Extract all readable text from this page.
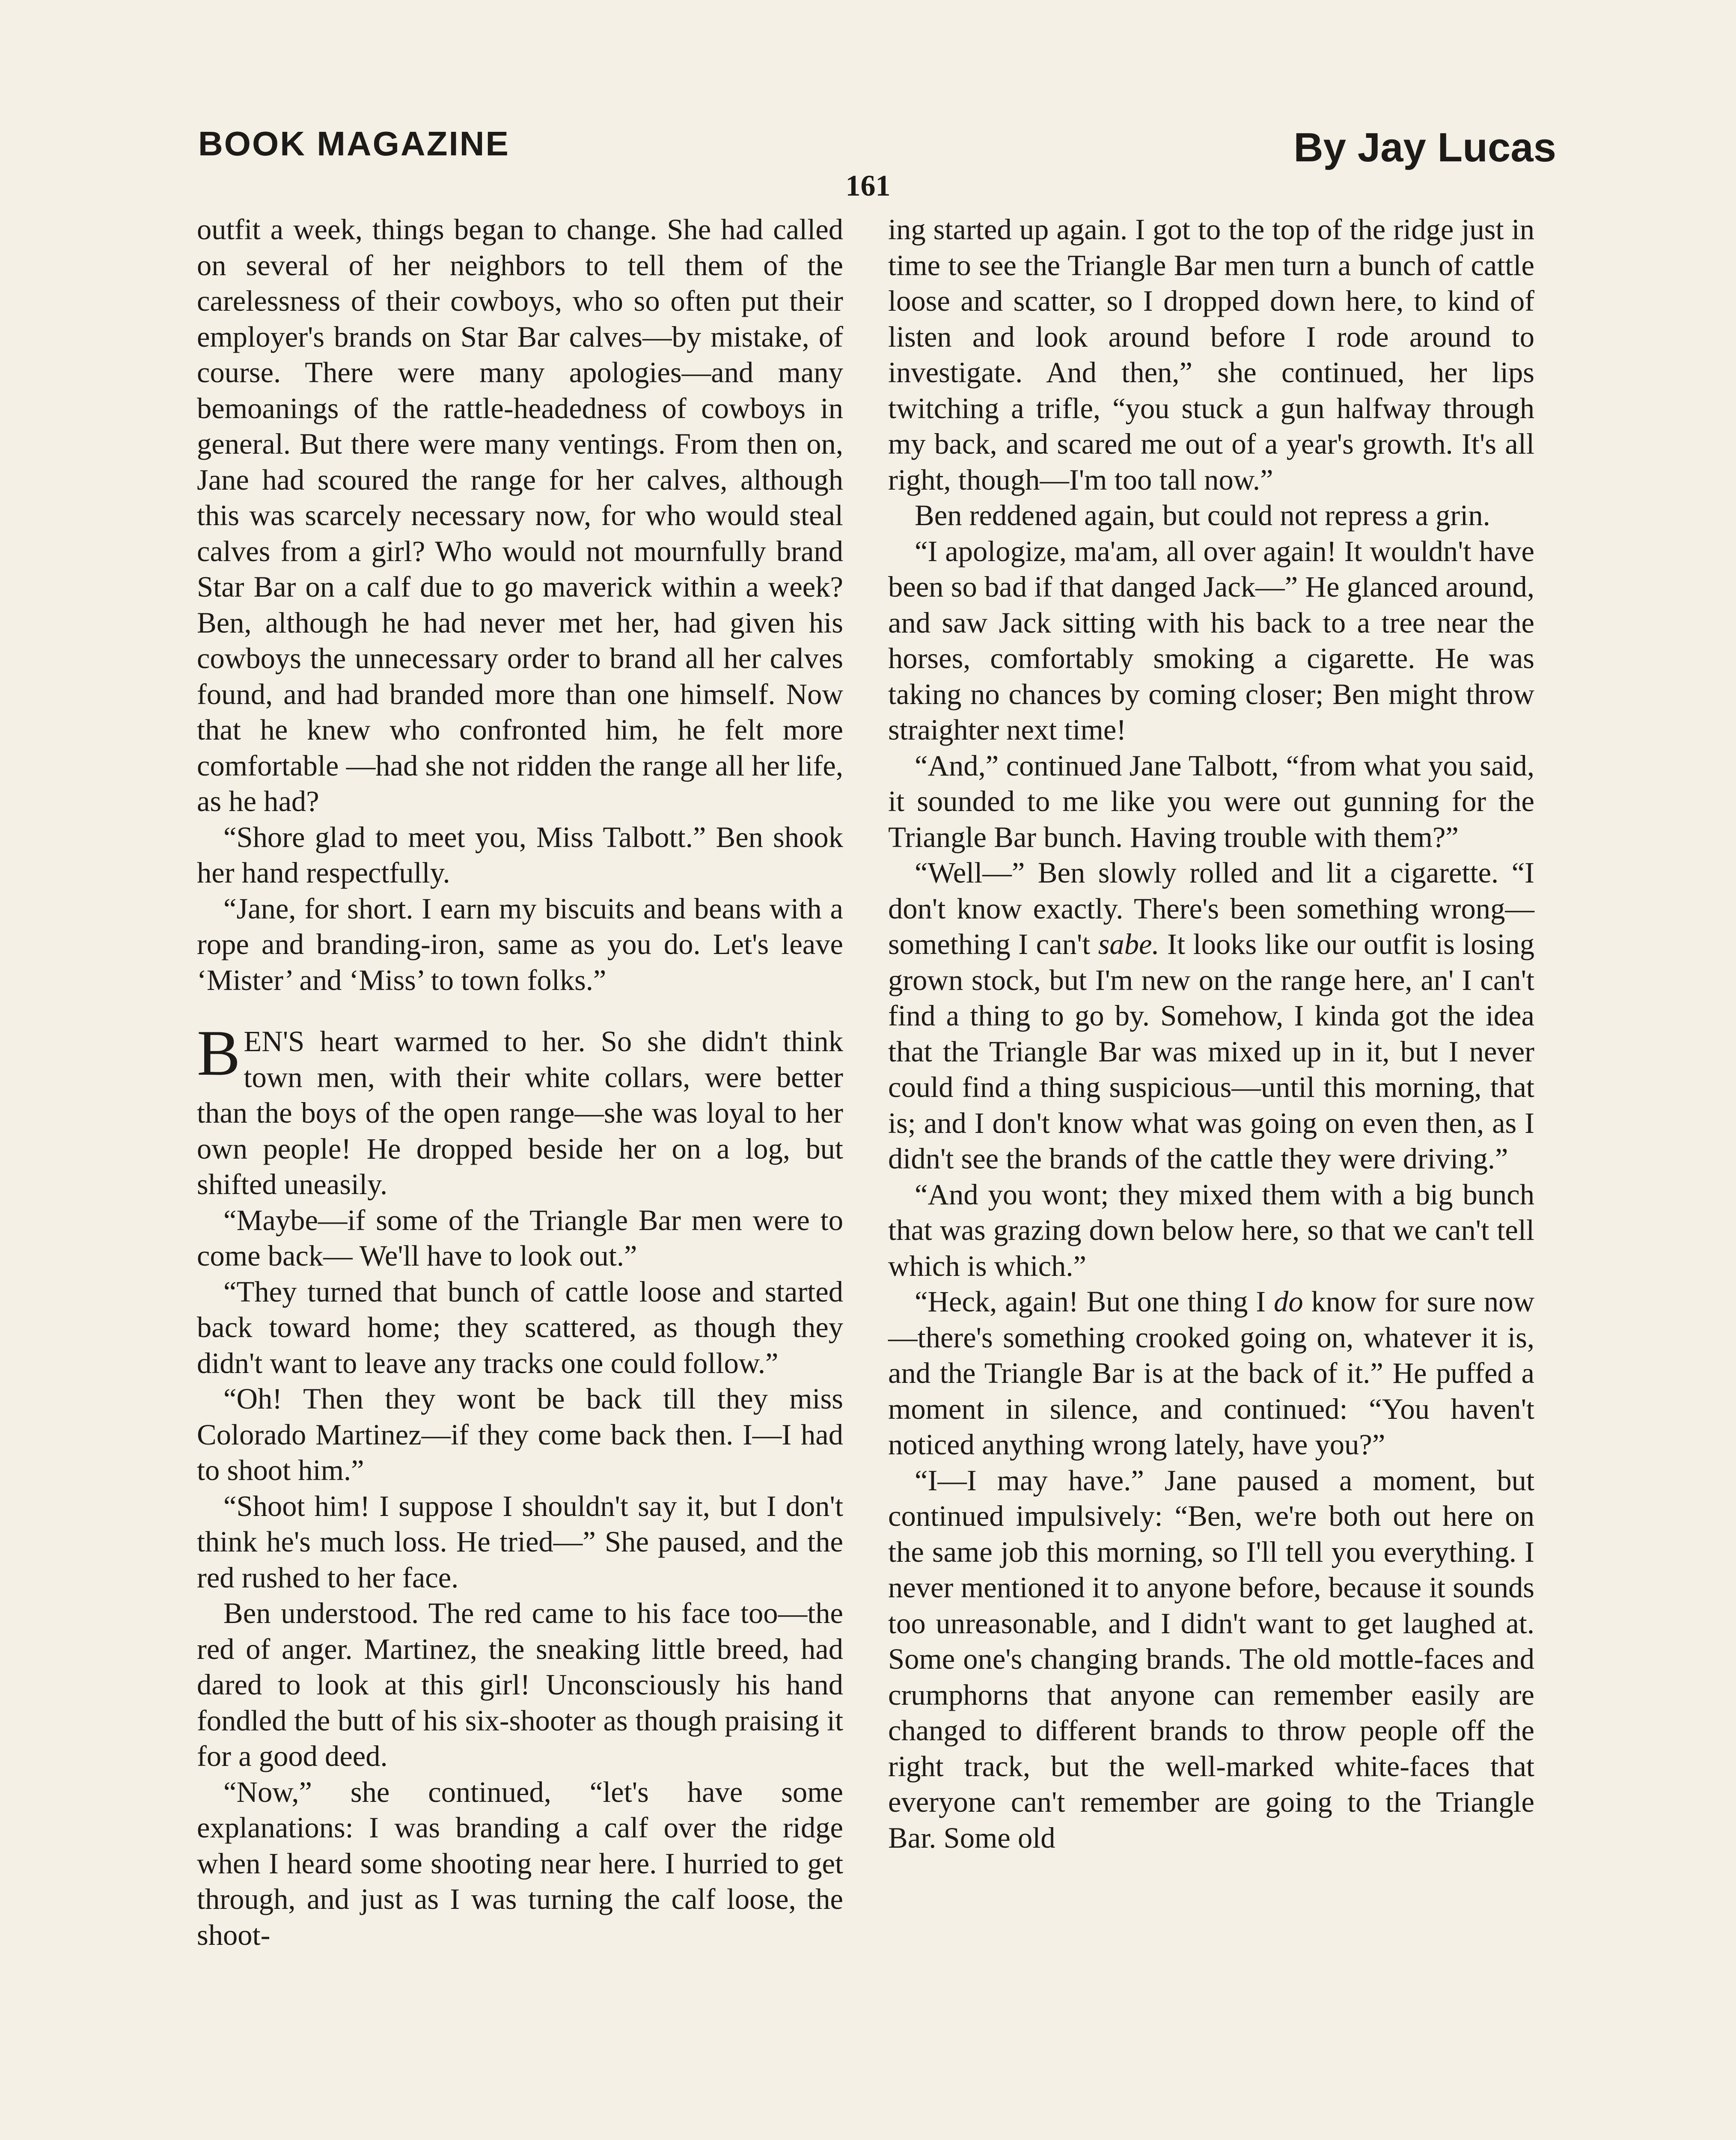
BOOK MAGAZINE	By Jay Lucas
161

outfit a week, things began to change. She had called on several of her neighbors to tell them of the carelessness of their cowboys, who so often put their employer's brands on Star Bar calves—by mistake, of course. There were many apologies—and many bemoanings of the rattle-headedness of cowboys in general. But there were many ventings. From then on, Jane had scoured the range for her calves, although this was scarcely necessary now, for who would steal calves from a girl? Who would not mournfully brand Star Bar on a calf due to go maverick within a week? Ben, although he had never met her, had given his cowboys the unnecessary order to brand all her calves found, and had branded more than one himself. Now that he knew who confronted him, he felt more comfortable —had she not ridden the range all her life, as he had?

“Shore glad to meet you, Miss Talbott.” Ben shook her hand respectfully.

“Jane, for short. I earn my biscuits and beans with a rope and branding-iron, same as you do. Let's leave ‘Mister’ and ‘Miss’ to town folks.”

BEN'S heart warmed to her. So she didn't think town men, with their white collars, were better than the boys of the open range—she was loyal to her own people! He dropped beside her on a log, but shifted uneasily.

“Maybe—if some of the Triangle Bar men were to come back— We'll have to look out.”

“They turned that bunch of cattle loose and started back toward home; they scattered, as though they didn't want to leave any tracks one could follow.”

“Oh! Then they wont be back till they miss Colorado Martinez—if they come back then. I—I had to shoot him.”

“Shoot him! I suppose I shouldn't say it, but I don't think he's much loss. He tried—” She paused, and the red rushed to her face.

Ben understood. The red came to his face too—the red of anger. Martinez, the sneaking little breed, had dared to look at this girl! Unconsciously his hand fondled the butt of his six-shooter as though praising it for a good deed.

“Now,” she continued, “let's have some explanations: I was branding a calf over the ridge when I heard some shooting near here. I hurried to get through, and just as I was turning the calf loose, the shoot-

ing started up again. I got to the top of the ridge just in time to see the Triangle Bar men turn a bunch of cattle loose and scatter, so I dropped down here, to kind of listen and look around before I rode around to investigate. And then,” she continued, her lips twitching a trifle, “you stuck a gun halfway through my back, and scared me out of a year's growth. It's all right, though—I'm too tall now.”

Ben reddened again, but could not repress a grin.

“I apologize, ma'am, all over again! It wouldn't have been so bad if that danged Jack—” He glanced around, and saw Jack sitting with his back to a tree near the horses, comfortably smoking a cigarette. He was taking no chances by coming closer; Ben might throw straighter next time!

“And,” continued Jane Talbott, “from what you said, it sounded to me like you were out gunning for the Triangle Bar bunch. Having trouble with them?”

“Well—” Ben slowly rolled and lit a cigarette. “I don't know exactly. There's been something wrong—something I can't sabe. It looks like our outfit is losing grown stock, but I'm new on the range here, an' I can't find a thing to go by. Somehow, I kinda got the idea that the Triangle Bar was mixed up in it, but I never could find a thing suspicious—until this morning, that is; and I don't know what was going on even then, as I didn't see the brands of the cattle they were driving.”

“And you wont; they mixed them with a big bunch that was grazing down below here, so that we can't tell which is which.”

“Heck, again! But one thing I do know for sure now—there's something crooked going on, whatever it is, and the Triangle Bar is at the back of it.” He puffed a moment in silence, and continued: “You haven't noticed anything wrong lately, have you?”

“I—I may have.” Jane paused a moment, but continued impulsively: “Ben, we're both out here on the same job this morning, so I'll tell you everything. I never mentioned it to anyone before, because it sounds too unreasonable, and I didn't want to get laughed at. Some one's changing brands. The old mottle-faces and crumphorns that anyone can remember easily are changed to different brands to throw people off the right track, but the well-marked white-faces that everyone can't remember are going to the Triangle Bar. Some old
